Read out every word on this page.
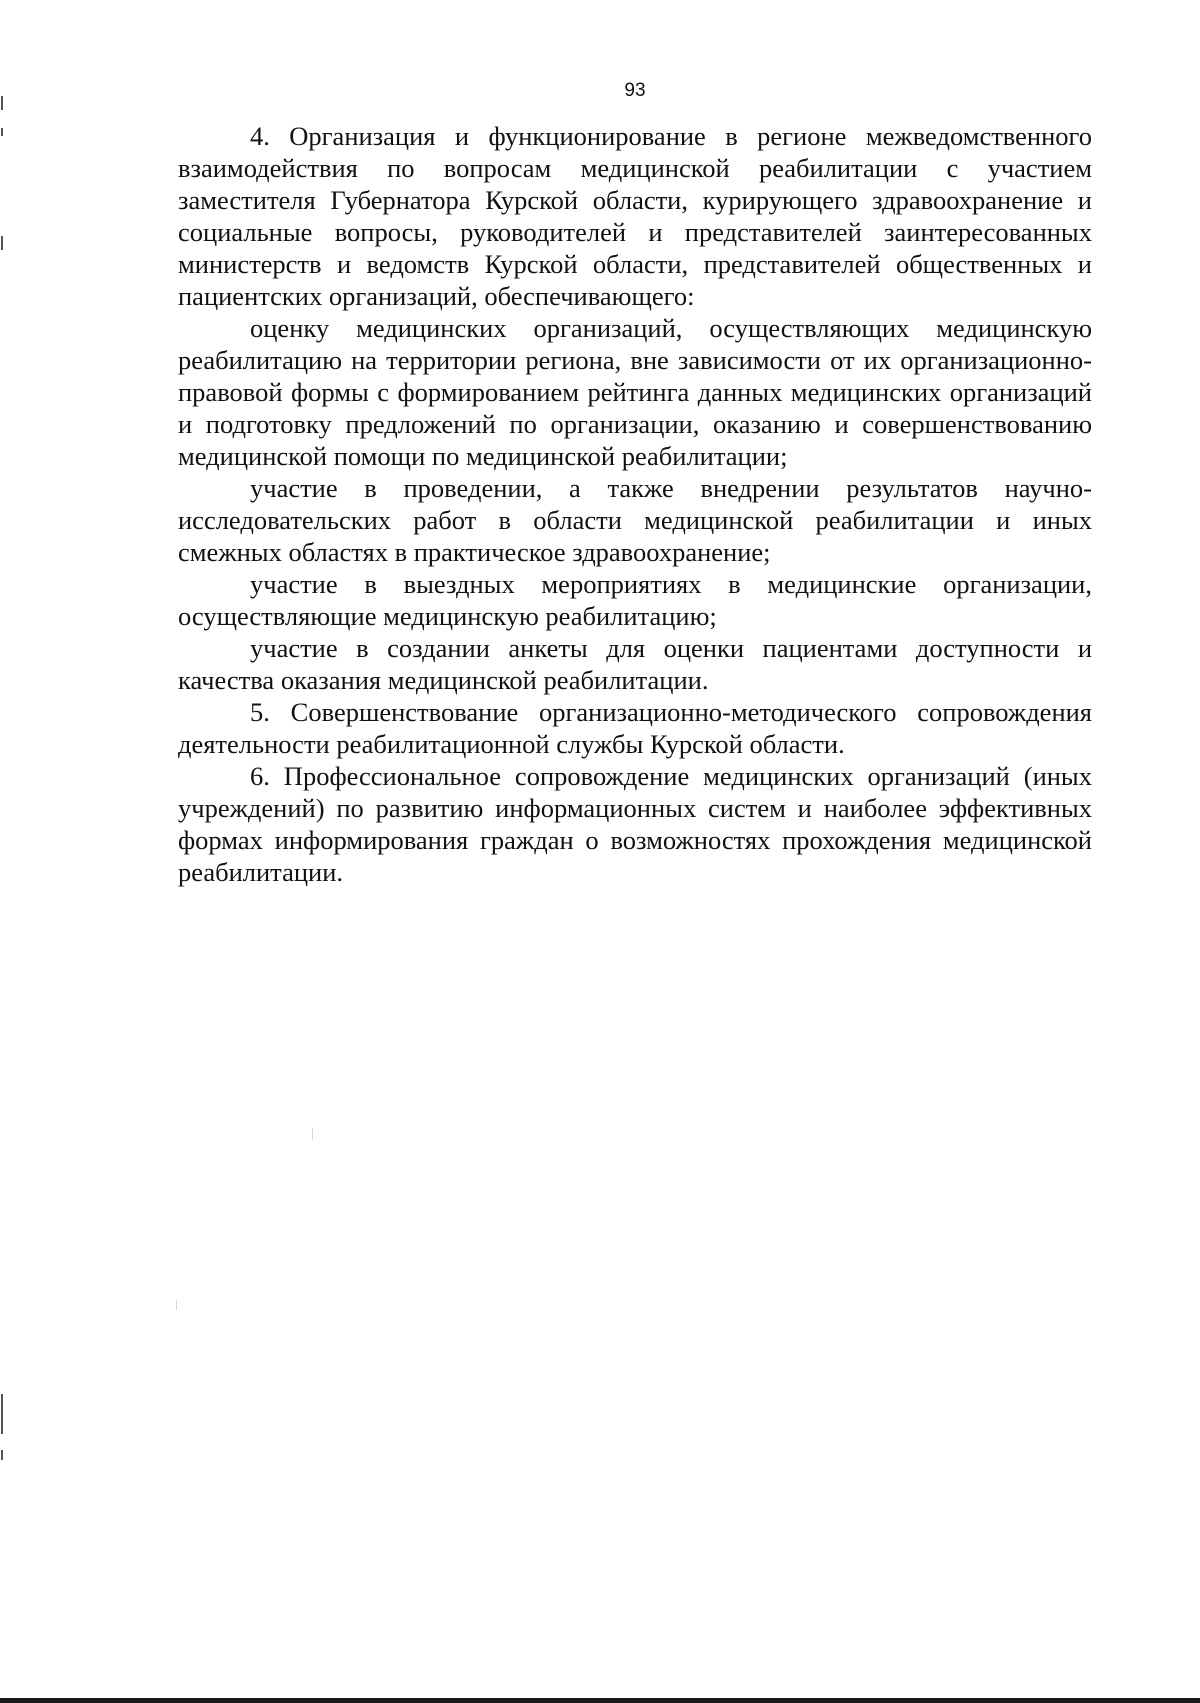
93

4. Организация и функционирование в регионе межведомственного взаимодействия по вопросам медицинской реабилитации с участием заместителя Губернатора Курской области, курирующего здравоохранение и социальные вопросы, руководителей и представителей заинтересованных министерств и ведомств Курской области, представителей общественных и пациентских организаций, обеспечивающего:

оценку медицинских организаций, осуществляющих медицинскую реабилитацию на территории региона, вне зависимости от их организационно-правовой формы с формированием рейтинга данных медицинских организаций и подготовку предложений по организации, оказанию и совершенствованию медицинской помощи по медицинской реабилитации;

участие в проведении, а также внедрении результатов научно-исследовательских работ в области медицинской реабилитации и иных смежных областях в практическое здравоохранение;

участие в выездных мероприятиях в медицинские организации, осуществляющие медицинскую реабилитацию;

участие в создании анкеты для оценки пациентами доступности и качества оказания медицинской реабилитации.

5. Совершенствование организационно-методического сопровождения деятельности реабилитационной службы Курской области.

6. Профессиональное сопровождение медицинских организаций (иных учреждений) по развитию информационных систем и наиболее эффективных формах информирования граждан о возможностях прохождения медицинской реабилитации.
